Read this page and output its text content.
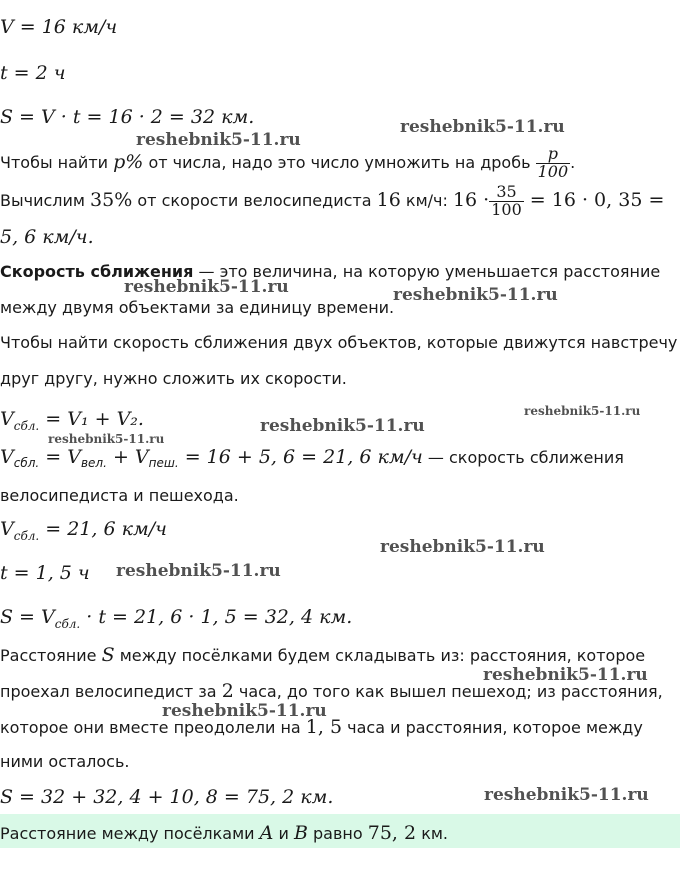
V = 16 км/ч
t = 2 ч
S = V · t = 16 · 2 = 32 км.
Чтобы найти p% от числа, надо это число умножить на дробь $\frac{p}{100}$ .
Вычислим 35% от скорости велосипедиста 16 км/ч: $16 \cdot \frac{35}{100} = 16 \cdot 0$, 35 =
5, 6 км/ч.
Скорость сближения — это величина, на которую уменьшается расстояние
между двумя объектами за единицу времени.
Чтобы найти скорость сближения двух объектов, которые движутся навстречу
друг другу, нужно сложить их скорости.
$V_{сбл.} = V_1 + V_2$.
$V_{сбл.} = V_{вел.} + V_{пеш.} = 16 + 5$, 6 = 21, 6 км/ч — скорость сближения
велосипедиста и пешехода.
$V_{сбл.} = 21$, 6 км/ч
t = 1, 5 ч
$S = V_{сбл.} \cdot t = 21$, 6 · 1, 5 = 32, 4 км.
Расстояние S между посёлками будем складывать из: расстояния, которое
проехал велосипедист за 2 часа, до того как вышел пешеход; из расстояния,
которое они вместе преодолели на 1, 5 часа и расстояния, которое между
ними осталось.
S = 32 + 32, 4 + 10, 8 = 75, 2 км.
Расстояние между посёлками A и B равно 75, 2 км.
reshebnik5-11.ru
reshebnik5-11.ru
reshebnik5-11.ru	reshebnik5-11.ru
reshebnik5-11.ru
reshebnik5-11.ru
reshebnik5-11.ru
reshebnik5-11.ru
reshebnik5-11.ru
reshebnik5-11.ru
reshebnik5-11.ru
reshebnik5-11.ru
